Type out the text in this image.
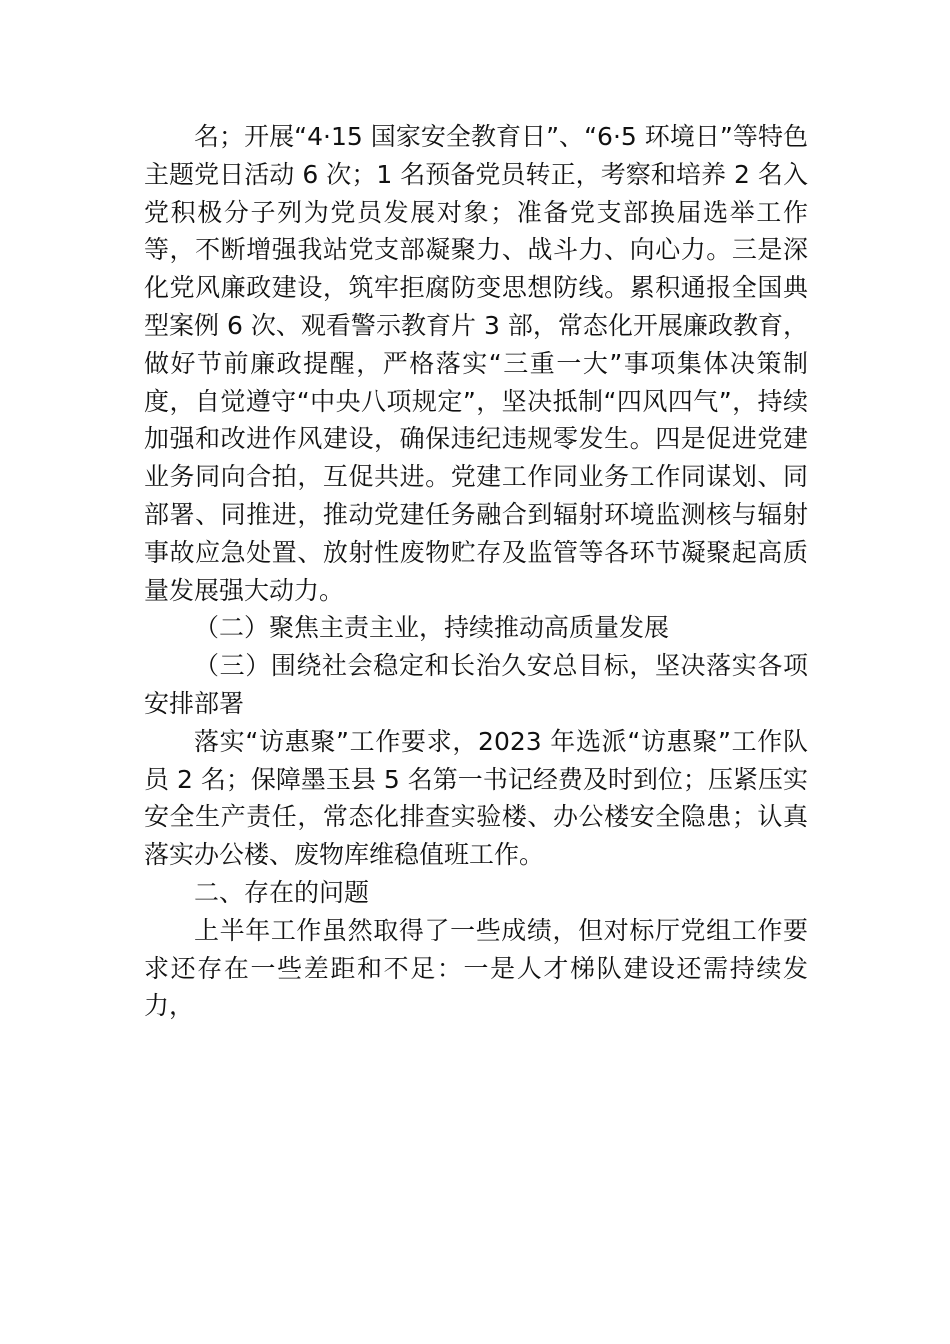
名；开展“4·15 国家安全教育日”、“6·5 环境日”等特色主题党日活动 6 次；1 名预备党员转正，考察和培养 2 名入党积极分子列为党员发展对象；准备党支部换届选举工作等，不断增强我站党支部凝聚力、战斗力、向心力。三是深化党风廉政建设，筑牢拒腐防变思想防线。累积通报全国典型案例 6 次、观看警示教育片 3 部，常态化开展廉政教育，做好节前廉政提醒，严格落实“三重一大”事项集体决策制度，自觉遵守“中央八项规定”，坚决抵制“四风四气”，持续加强和改进作风建设，确保违纪违规零发生。四是促进党建业务同向合拍，互促共进。党建工作同业务工作同谋划、同部署、同推进，推动党建任务融合到辐射环境监测核与辐射事故应急处置、放射性废物贮存及监管等各环节凝聚起高质量发展强大动力。

（二）聚焦主责主业，持续推动高质量发展

（三）围绕社会稳定和长治久安总目标，坚决落实各项安排部署

落实“访惠聚”工作要求，2023 年选派“访惠聚”工作队员 2 名；保障墨玉县 5 名第一书记经费及时到位；压紧压实安全生产责任，常态化排查实验楼、办公楼安全隐患；认真落实办公楼、废物库维稳值班工作。

二、存在的问题

上半年工作虽然取得了一些成绩，但对标厅党组工作要求还存在一些差距和不足：一是人才梯队建设还需持续发力，
